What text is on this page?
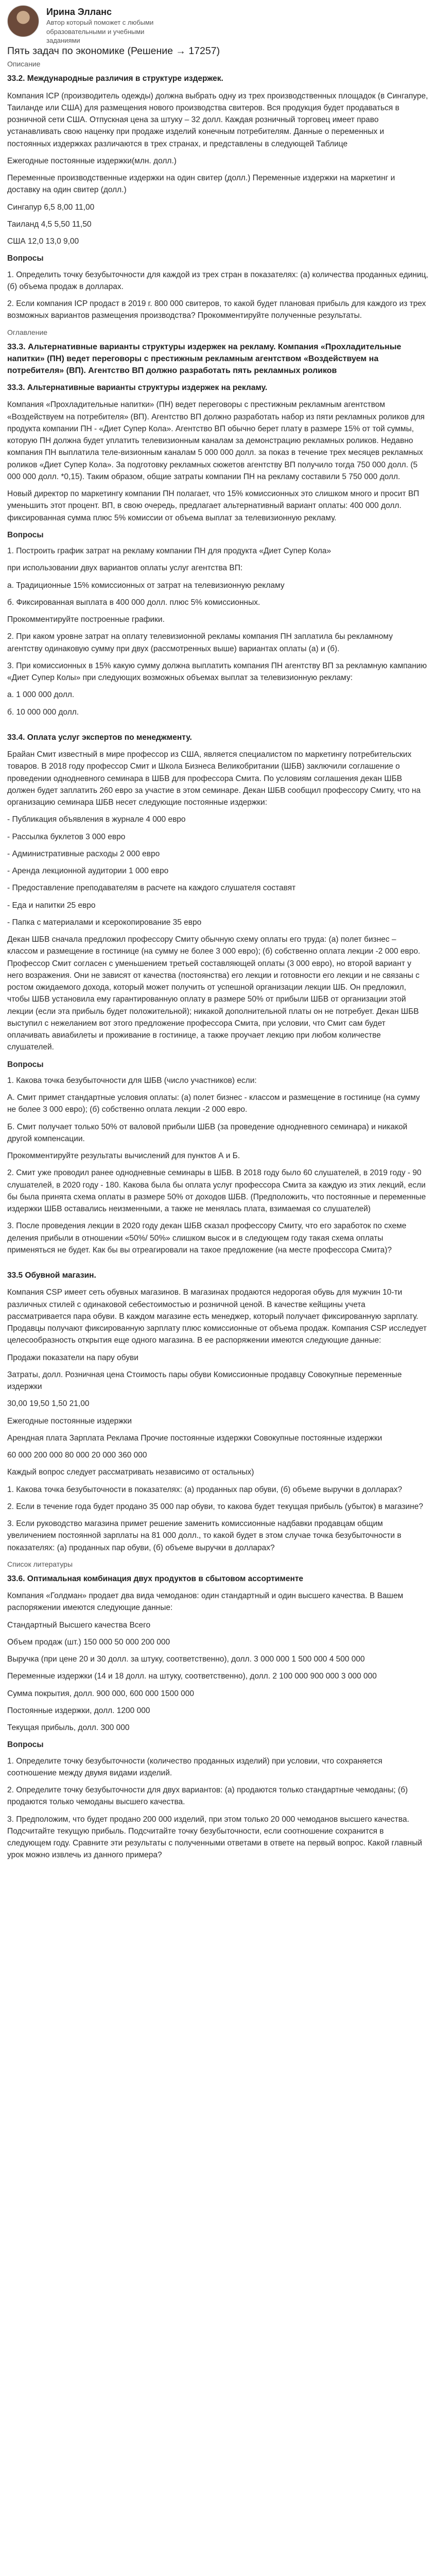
Ирина Элланс
Автор который поможет с любыми образовательными и учебными заданиями
Пять задач по экономике (Решение → 17257)
Описание
33.2. Международные различия в структуре издержек.

Компания ICP (производитель одежды) должна выбрать одну из трех производственных площадок (в Сингапуре, Таиланде или США) для размещения нового производства свитеров. Вся продукция будет продаваться в розничной сети США. Отпускная цена за штуку – 32 долл. Каждая розничный торговец имеет право устанавливать свою наценку при продаже изделий конечным потребителям. Данные о переменных и постоянных издержках различаются в трех странах, и представлены в следующей Таблице

Ежегодные постоянные издержки(млн. долл.)

Переменные производственные издержки на один свитер (долл.) Переменные издержки на маркетинг и доставку на один свитер (долл.)

Сингапур 6,5 8,00 11,00

Таиланд 4,5 5,50 11,50

США 12,0 13,0 9,00

Вопросы

1. Определить точку безубыточности для каждой из трех стран в показателях: (а) количества проданных единиц, (б) объема продаж в долларах.

2. Если компания ICP продаст в 2019 г. 800 000 свитеров, то какой будет плановая прибыль для каждого из трех возможных вариантов размещения производства? Прокомментируйте полученные результаты.

Оглавление
33.3. Альтернативные варианты структуры издержек на рекламу. Компания «Прохладительные напитки» (ПН) ведет переговоры с престижным рекламным агентством «Воздействуем на потребителя» (ВП). Агентство ВП должно разработать пять рекламных роликов
33.3. Альтернативные варианты структуры издержек на рекламу.

Компания «Прохладительные напитки» (ПН) ведет переговоры с престижным рекламным агентством «Воздействуем на потребителя» (ВП). Агентство ВП должно разработать набор из пяти рекламных роликов для продукта компании ПН - «Диет Супер Кола». Агентство ВП обычно берет плату в размере 15% от той суммы, которую ПН должна будет уплатить телевизионным каналам за демонстрацию рекламных роликов. Недавно компания ПН выплатила теле-визионным каналам 5 000 000 долл. за показ в течение трех месяцев рекламных роликов «Диет Супер Кола». За подготовку рекламных сюжетов агентству ВП получило тогда 750 000 долл. (5 000 000 долл. *0,15). Таким образом, общие затраты компании ПН на рекламу составили 5 750 000 долл.

Новый директор по маркетингу компании ПН полагает, что 15% комиссионных это слишком много и просит ВП уменьшить этот процент. ВП, в свою очередь, предлагает альтернативный вариант оплаты: 400 000 долл. фиксированная сумма плюс 5% комиссии от объема выплат за телевизионную рекламу.

Вопросы

1. Построить график затрат на рекламу компании ПН для продукта «Диет Супер Кола»

при использовании двух вариантов оплаты услуг агентства ВП:

а. Традиционные 15% комиссионных от затрат на телевизионную рекламу

б. Фиксированная выплата в 400 000 долл. плюс 5% комиссионных.

Прокомментируйте построенные графики.

2. При каком уровне затрат на оплату телевизионной рекламы компания ПН заплатила бы рекламному агентству одинаковую сумму при двух (рассмотренных выше) вариантах оплаты (а) и (б).

3. При комиссионных в 15% какую сумму должна выплатить компания ПН агентству ВП за рекламную кампанию «Диет Супер Колы» при следующих возможных объемах выплат за телевизионную рекламу:

а. 1 000 000 долл.

б. 10 000 000 долл.

33.4. Оплата услуг экспертов по менеджменту.

Брайан Смит известный в мире профессор из США, является специалистом по маркетингу потребительских товаров. В 2018 году профессор Смит и Школа Бизнеса Великобритании (ШБВ) заключили соглашение о проведении однодневного семинара в ШБВ для профессора Смита. По условиям соглашения декан ШБВ должен будет заплатить 260 евро за участие в этом семинаре. Декан ШБВ сообщил профессору Смиту, что на организацию семинара ШБВ несет следующие постоянные издержки:

- Публикация объявления в журнале 4 000 евро

- Рассылка буклетов 3 000 евро

- Административные расходы 2 000 евро

- Аренда лекционной аудитории 1 000 евро

- Предоставление преподавателям в расчете на каждого слушателя составят

- Еда и напитки 25 евро

- Папка с материалами и ксерокопирование 35 евро

Декан ШБВ сначала предложил профессору Смиту обычную схему оплаты его труда: (а) полет бизнес – классом и размещение в гостинице (на сумму не более 3 000 евро); (б) собственно оплата лекции -2 000 евро. Профессор Смит согласен с уменьшением третьей составляющей оплаты (3 000 евро), но второй вариант у него возражения. Они не зависят от качества (постоянства) его лекции и готовности его лекции и не связаны с ростом ожидаемого дохода, который может получить от успешной организации лекции ШБ. Он предложил, чтобы ШБВ установила ему гарантированную оплату в размере 50% от прибыли ШБВ от организации этой лекции (если эта прибыль будет положительной); никакой дополнительной платы он не потребует. Декан ШБВ выступил с нежеланием вот этого предложение профессора Смита, при условии, что Смит сам будет оплачивать авиабилеты и проживание в гостинице, а также проучает лекцию при любом количестве слушателей.

Вопросы

1. Какова точка безубыточности для ШБВ (число участников) если:

А. Смит примет стандартные условия оплаты: (а) полет бизнес - классом и размещение в гостинице (на сумму не более 3 000 евро); (б) собственно оплата лекции -2 000 евро.

Б. Смит получает только 50% от валовой прибыли ШБВ (за проведение однодневного семинара) и никакой другой компенсации.

Прокомментируйте результаты вычислений для пунктов А и Б.

2. Смит уже проводил ранее однодневные семинары в ШБВ. В 2018 году было 60 слушателей, в 2019 году - 90 слушателей, в 2020 году - 180. Какова была бы оплата услуг профессора Смита за каждую из этих лекций, если бы была принята схема оплаты в размере 50% от доходов ШБВ. (Предположить, что постоянные и переменные издержки ШБВ оставались неизменными, а также не менялась плата, взимаемая со слушателей)

3. После проведения лекции в 2020 году декан ШБВ сказал профессору Смиту, что его заработок по схеме деления прибыли в отношении «50%/ 50%» слишком высок и в следующем году такая схема оплаты применяться не будет. Как бы вы отреагировали на такое предложение (на месте профессора Смита)?

33.5 Обувной магазин.

Компания CSP имеет сеть обувных магазинов. В магазинах продаются недорогая обувь для мужчин 10-ти различных стилей с одинаковой себестоимостью и розничной ценой. В качестве кейщины учета рассматривается пара обуви. В каждом магазине есть менеджер, который получает фиксированную зарплату. Продавцы получают фиксированную зарплату плюс комиссионные от объема продаж. Компания CSP исследует целесообразность открытия еще одного магазина. В ее распоряжении имеются следующие данные:

Продажи показатели на пару обуви

Затраты, долл. Розничная цена Стоимость пары обуви Комиссионные продавцу Совокупные переменные издержки

30,00 19,50 1,50 21,00

Ежегодные постоянные издержки

Арендная плата Зарплата Реклама Прочие постоянные издержки Совокупные постоянные издержки

60 000 200 000 80 000 20 000 360 000

Каждый вопрос следует рассматривать независимо от остальных)

1. Какова точка безубыточности в показателях: (а) проданных пар обуви, (б) объеме выручки в долларах?

2. Если в течение года будет продано 35 000 пар обуви, то какова будет текущая прибыль (убыток) в магазине?

3. Если руководство магазина примет решение заменить комиссионные надбавки продавцам общим увеличением постоянной зарплаты на 81 000 долл., то какой будет в этом случае точка безубыточности в показателях: (а) проданных пар обуви, (б) объеме выручки в долларах?

Список литературы
33.6. Оптимальная комбинация двух продуктов в сбытовом ассортименте

Компания «Голдман» продает два вида чемоданов: один стандартный и один высшего качества. В Вашем распоряжении имеются следующие данные:

Стандартный Высшего качества Всего

Объем продаж (шт.) 150 000 50 000 200 000

Выручка (при цене 20 и 30 долл. за штуку, соответственно), долл. 3 000 000 1 500 000 4 500 000

Переменные издержки (14 и 18 долл. на штуку, соответственно), долл. 2 100 000 900 000 3 000 000

Сумма покрытия, долл. 900 000, 600 000 1500 000

Постоянные издержки, долл. 1200 000

Текущая прибыль, долл. 300 000

Вопросы

1. Определите точку безубыточности (количество проданных изделий) при условии, что сохраняется соотношение между двумя видами изделий.

2. Определите точку безубыточности для двух вариантов: (а) продаются только стандартные чемоданы; (б) продаются только чемоданы высшего качества.

3. Предположим, что будет продано 200 000 изделий, при этом только 20 000 чемоданов высшего качества. Подсчитайте текущую прибыль. Подсчитайте точку безубыточности, если соотношение сохранится в следующем году. Сравните эти результаты с полученными ответами в ответе на первый вопрос. Какой главный урок можно извлечь из данного примера?
